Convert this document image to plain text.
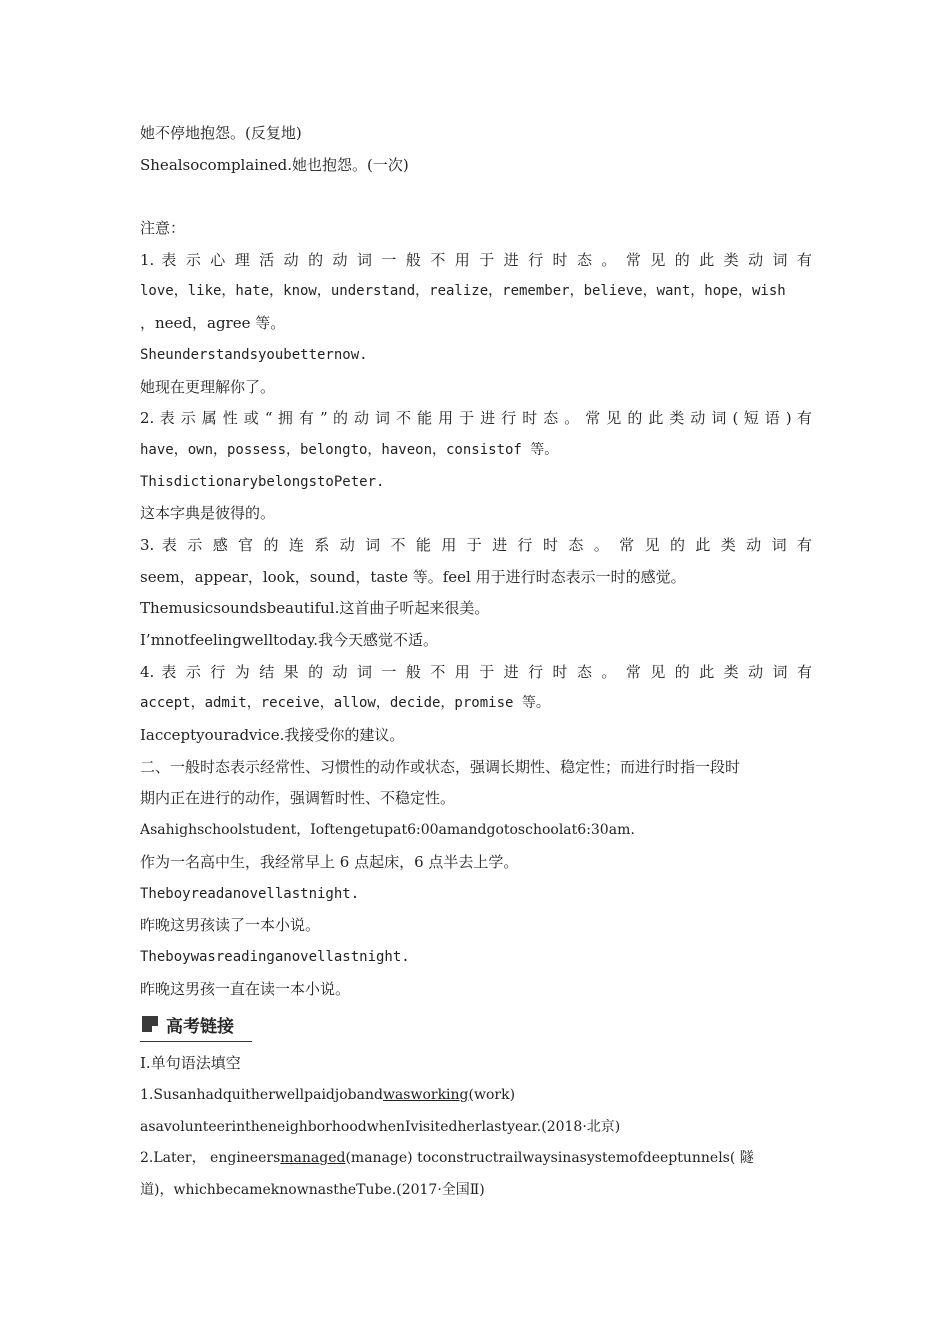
她不停地抱怨。(反复地)
Shealsocomplained.她也抱怨。(一次)
注意：
1. 表 示 心 理 活 动 的 动 词 一 般 不 用 于 进 行 时 态 。 常 见 的 此 类 动 词 有
love，like，hate，know，understand，realize，remember，believe，want，hope，wish
，need，agree 等。
Sheunderstandsyoubetternow.
她现在更理解你了。
2. 表 示 属 性 或 “ 拥 有 ” 的 动 词 不 能 用 于 进 行 时 态 。 常 见 的 此 类 动 词 ( 短 语 ) 有
have，own，possess，belongto，haveon，consistof 等。
ThisdictionarybelongstoPeter.
这本字典是彼得的。
3. 表 示 感 官 的 连 系 动 词 不 能 用 于 进 行 时 态 。 常 见 的 此 类 动 词 有
seem，appear，look，sound，taste 等。feel 用于进行时态表示一时的感觉。
Themusicsoundsbeautiful.这首曲子听起来很美。
I’mnotfeelingwelltoday.我今天感觉不适。
4. 表 示 行 为 结 果 的 动 词 一 般 不 用 于 进 行 时 态 。 常 见 的 此 类 动 词 有
accept，admit，receive，allow，decide，promise 等。
Iacceptyouradvice.我接受你的建议。
二、一般时态表示经常性、习惯性的动作或状态，强调长期性、稳定性；而进行时指一段时
期内正在进行的动作，强调暂时性、不稳定性。
Asahighschoolstudent，Ioftengetupat6:00amandgotoschoolat6:30am.
作为一名高中生，我经常早上 6 点起床，6 点半去上学。
Theboyreadanovellastnight.
昨晚这男孩读了一本小说。
Theboywasreadinganovellastnight.
昨晚这男孩一直在读一本小说。
高考链接
Ⅰ.单句语法填空
1.Susanhadquitherwellpaidjobandwasworking(work)
asavolunteerintheneighborhoodwhenIvisitedherlastyear.(2018·北京)
2.Later， engineersmanaged(manage) toconstructrailwaysinasystemofdeeptunnels( 隧
道)，whichbecameknownastheTube.(2017·全国Ⅱ)
